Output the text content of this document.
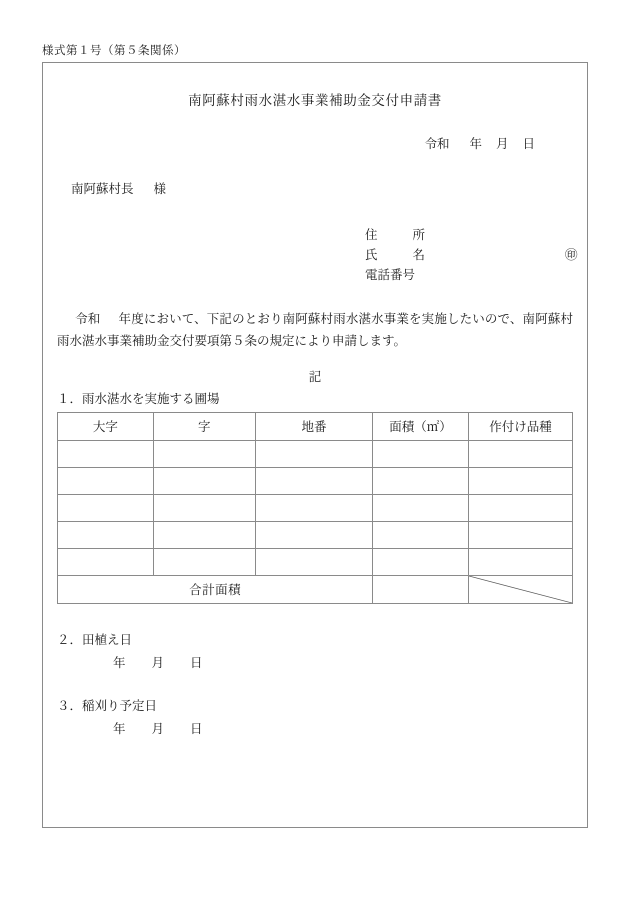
様式第１号（第５条関係）
南阿蘇村雨水湛水事業補助金交付申請書
令和 年 月 日
南阿蘇村長 様
住所
氏名	㊞
電話番号
令和 年度において、下記のとおり南阿蘇村雨水湛水事業を実施したいので、南阿蘇村雨水湛水事業補助金交付要項第５条の規定により申請します。
記
１．雨水湛水を実施する圃場
大字	字	地番	面積（㎡）	作付け品種

合計面積		
２．田植え日
年 月 日
３．稲刈り予定日
年 月 日
